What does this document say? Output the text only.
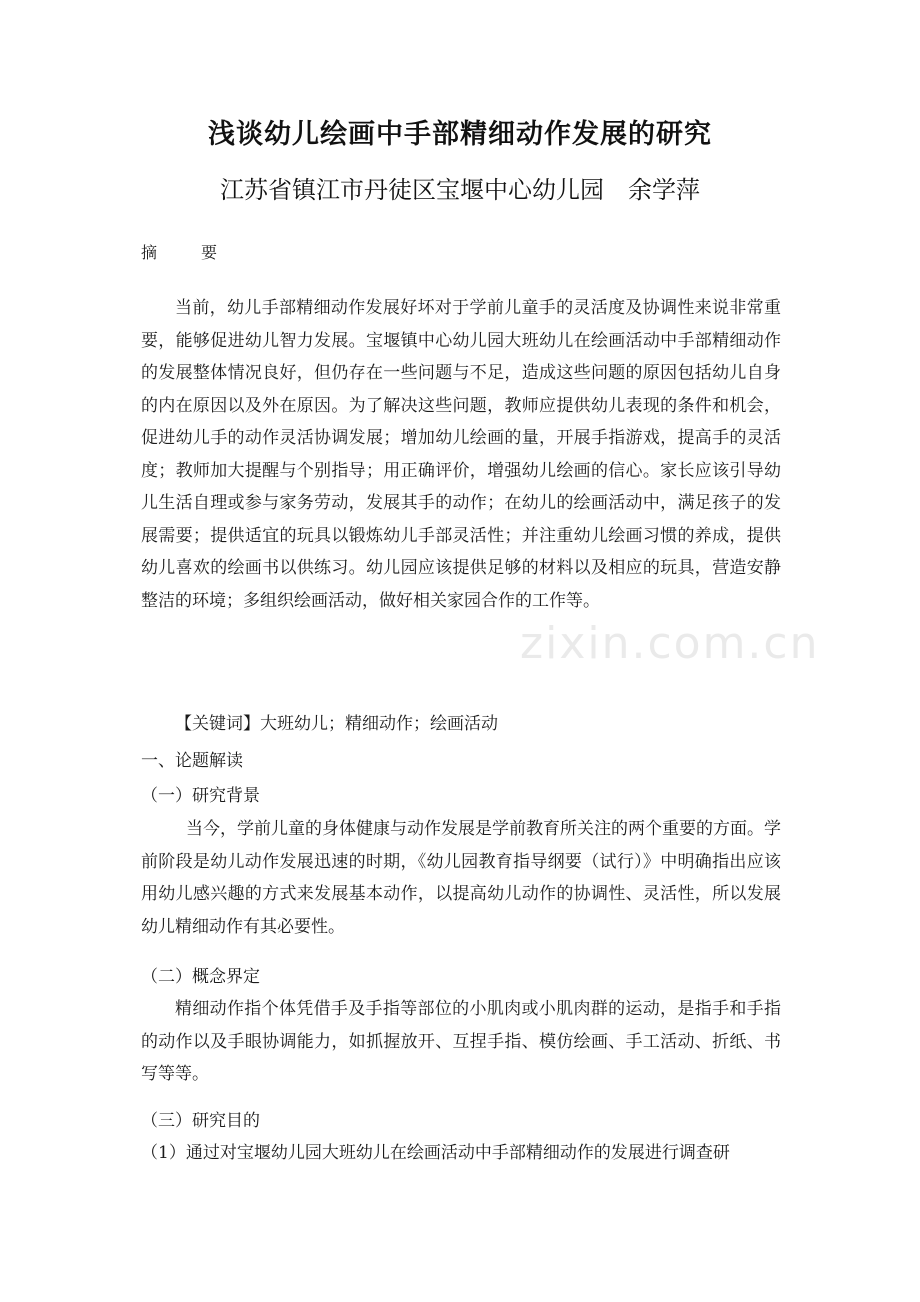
浅谈幼儿绘画中手部精细动作发展的研究
江苏省镇江市丹徒区宝堰中心幼儿园　余学萍
摘	要

当前，幼儿手部精细动作发展好坏对于学前儿童手的灵活度及协调性来说非常重要，能够促进幼儿智力发展。宝堰镇中心幼儿园大班幼儿在绘画活动中手部精细动作的发展整体情况良好，但仍存在一些问题与不足，造成这些问题的原因包括幼儿自身的内在原因以及外在原因。为了解决这些问题，教师应提供幼儿表现的条件和机会，促进幼儿手的动作灵活协调发展；增加幼儿绘画的量，开展手指游戏，提高手的灵活度；教师加大提醒与个别指导；用正确评价，增强幼儿绘画的信心。家长应该引导幼儿生活自理或参与家务劳动，发展其手的动作；在幼儿的绘画活动中，满足孩子的发展需要；提供适宜的玩具以锻炼幼儿手部灵活性；并注重幼儿绘画习惯的养成，提供幼儿喜欢的绘画书以供练习。幼儿园应该提供足够的材料以及相应的玩具，营造安静整洁的环境；多组织绘画活动，做好相关家园合作的工作等。

zixin.com.cn

【关键词】大班幼儿；精细动作；绘画活动

一、论题解读

（一）研究背景

当今，学前儿童的身体健康与动作发展是学前教育所关注的两个重要的方面。学前阶段是幼儿动作发展迅速的时期，《幼儿园教育指导纲要（试行）》中明确指出应该用幼儿感兴趣的方式来发展基本动作，以提高幼儿动作的协调性、灵活性，所以发展幼儿精细动作有其必要性。

（二）概念界定

精细动作指个体凭借手及手指等部位的小肌肉或小肌肉群的运动，是指手和手指的动作以及手眼协调能力，如抓握放开、互捏手指、模仿绘画、手工活动、折纸、书写等等。

（三）研究目的

（1）通过对宝堰幼儿园大班幼儿在绘画活动中手部精细动作的发展进行调查研
